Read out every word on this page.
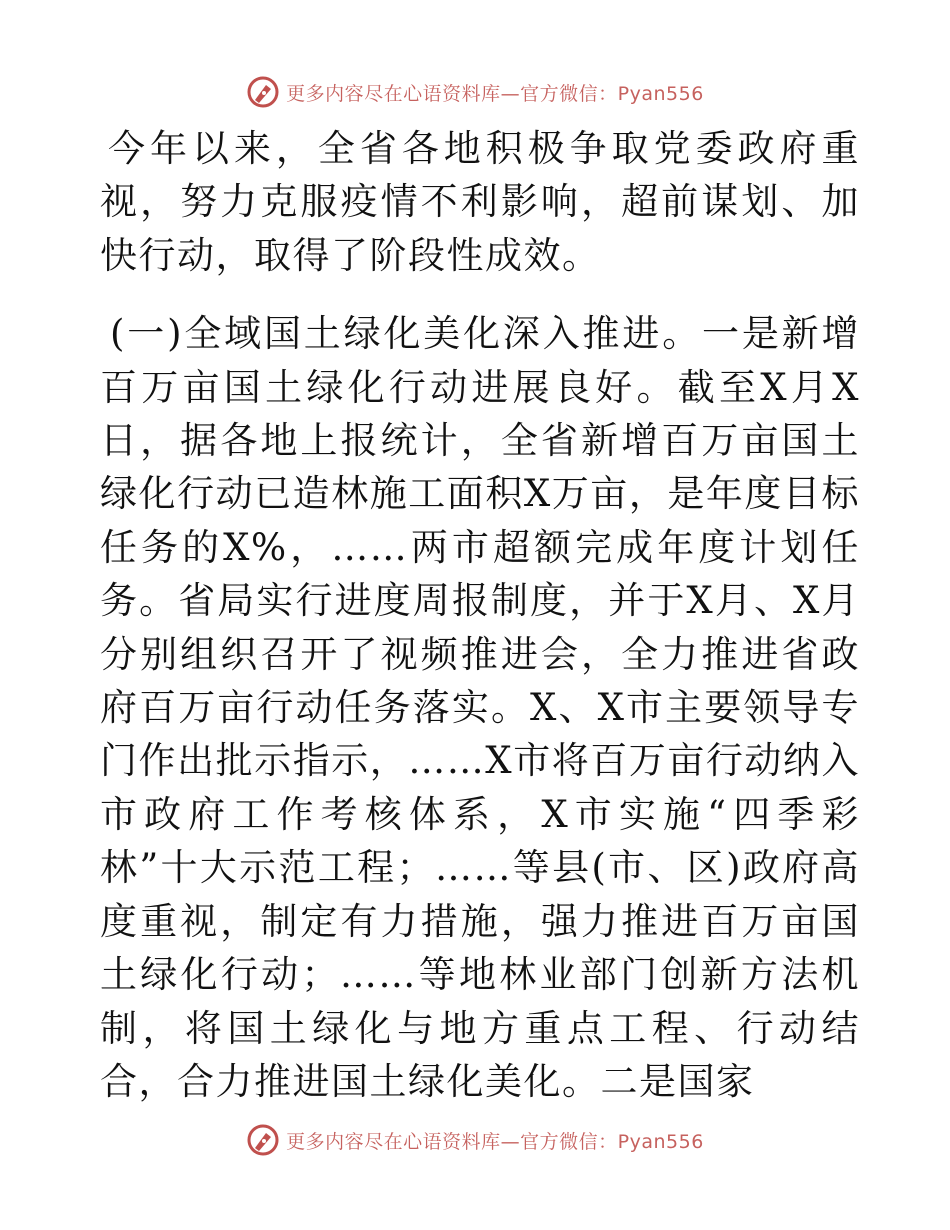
更多内容尽在心语资料库—官方微信：Pyan556

今年以来，全省各地积极争取党委政府重视，努力克服疫情不利影响，超前谋划、加快行动，取得了阶段性成效。

(一)全域国土绿化美化深入推进。一是新增百万亩国土绿化行动进展良好。截至X月X日，据各地上报统计，全省新增百万亩国土绿化行动已造林施工面积X万亩，是年度目标任务的X%，……两市超额完成年度计划任务。省局实行进度周报制度，并于X月、X月分别组织召开了视频推进会，全力推进省政府百万亩行动任务落实。X、X市主要领导专门作出批示指示，……X市将百万亩行动纳入市政府工作考核体系，X市实施“四季彩林”十大示范工程；……等县(市、区)政府高度重视，制定有力措施，强力推进百万亩国土绿化行动；……等地林业部门创新方法机制，将国土绿化与地方重点工程、行动结合，合力推进国土绿化美化。二是国家

更多内容尽在心语资料库—官方微信：Pyan556
